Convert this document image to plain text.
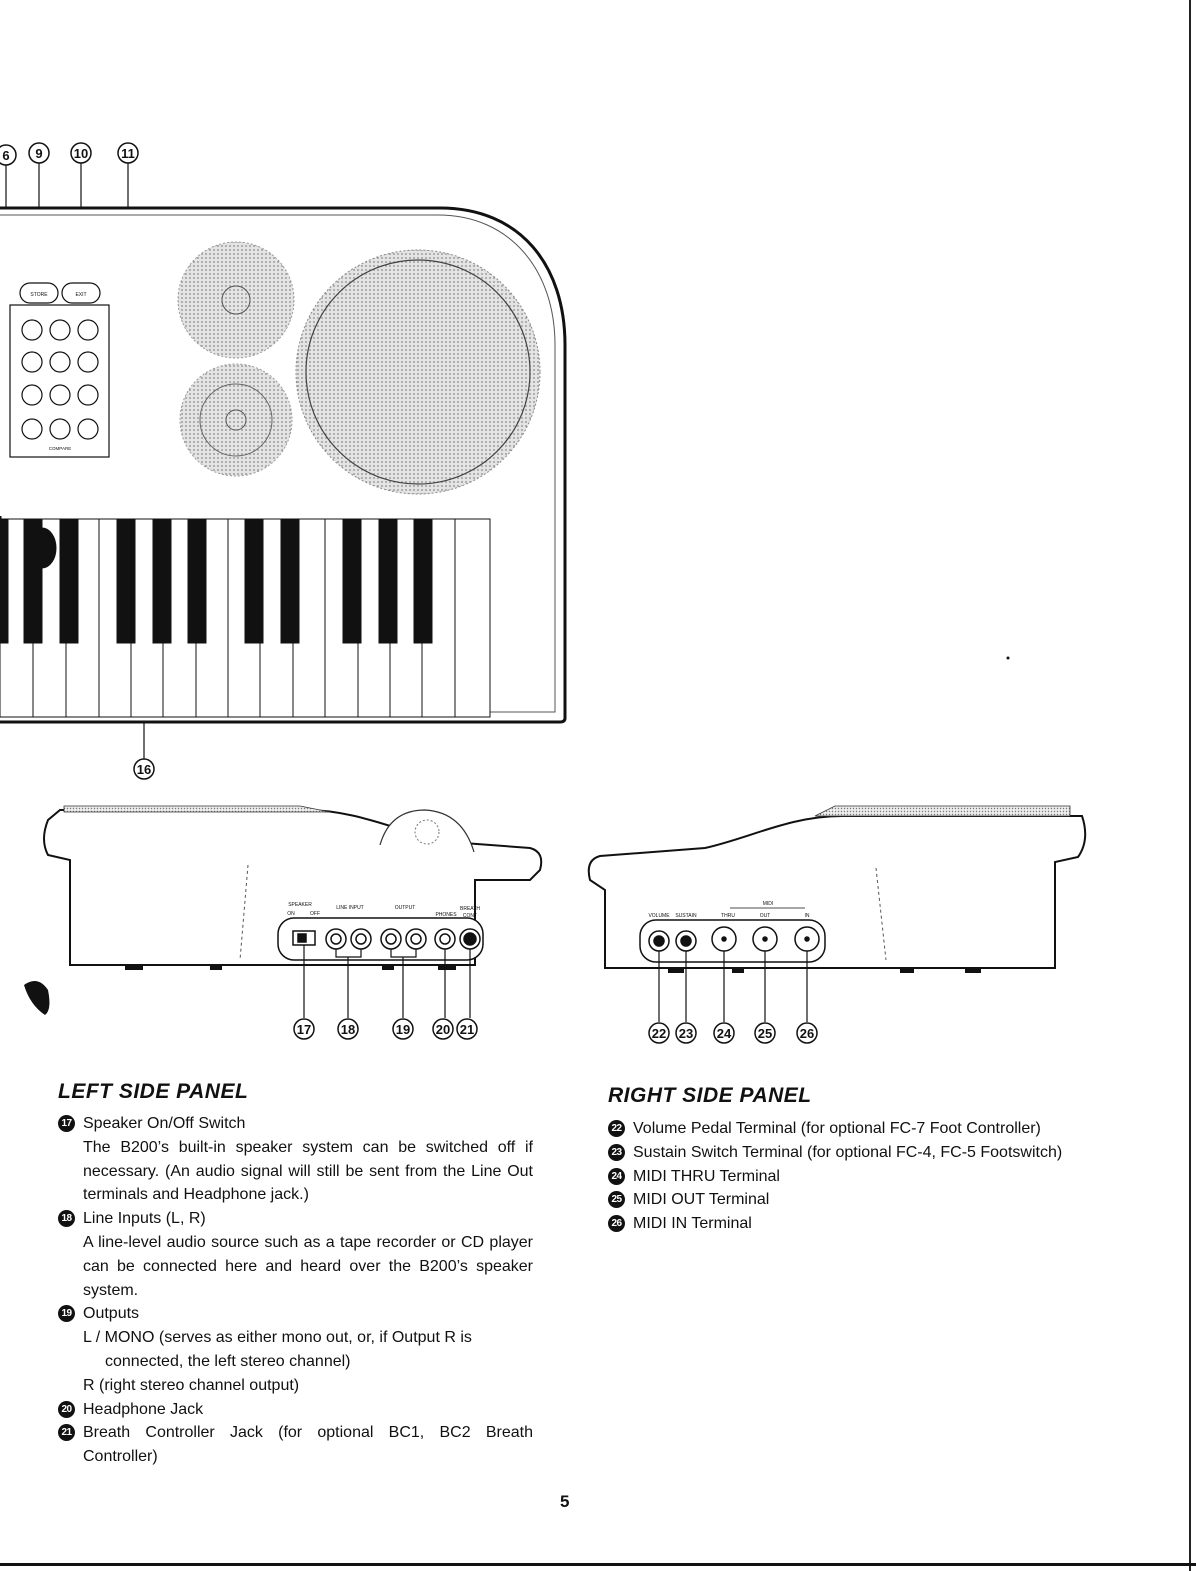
6 9 10	11
16
STORE	EXIT
COMPARE
SPEAKER
ON	OFF
LINE INPUT	OUTPUT
PHONES
BREATH
CONT
17 18	19 20 21
MIDI
VOLUME SUSTAIN	THRU	OUT	IN
22 23 24 25 26
LEFT SIDE PANEL
17 Speaker On/Off Switch
The B200’s built-in speaker system can be switched off if necessary. (An audio signal will still be sent from the Line Out terminals and Headphone jack.)
18 Line Inputs (L, R)
A line-level audio source such as a tape recorder or CD player can be connected here and heard over the B200’s speaker system.
19 Outputs
L / MONO (serves as either mono out, or, if Output R is connected, the left stereo channel)
R (right stereo channel output)
20 Headphone Jack
21 Breath Controller Jack (for optional BC1, BC2 Breath Controller)
RIGHT SIDE PANEL
22 Volume Pedal Terminal (for optional FC-7 Foot Controller)
23 Sustain Switch Terminal (for optional FC-4, FC-5 Footswitch)
24 MIDI THRU Terminal
25 MIDI OUT Terminal
26 MIDI IN Terminal
5
